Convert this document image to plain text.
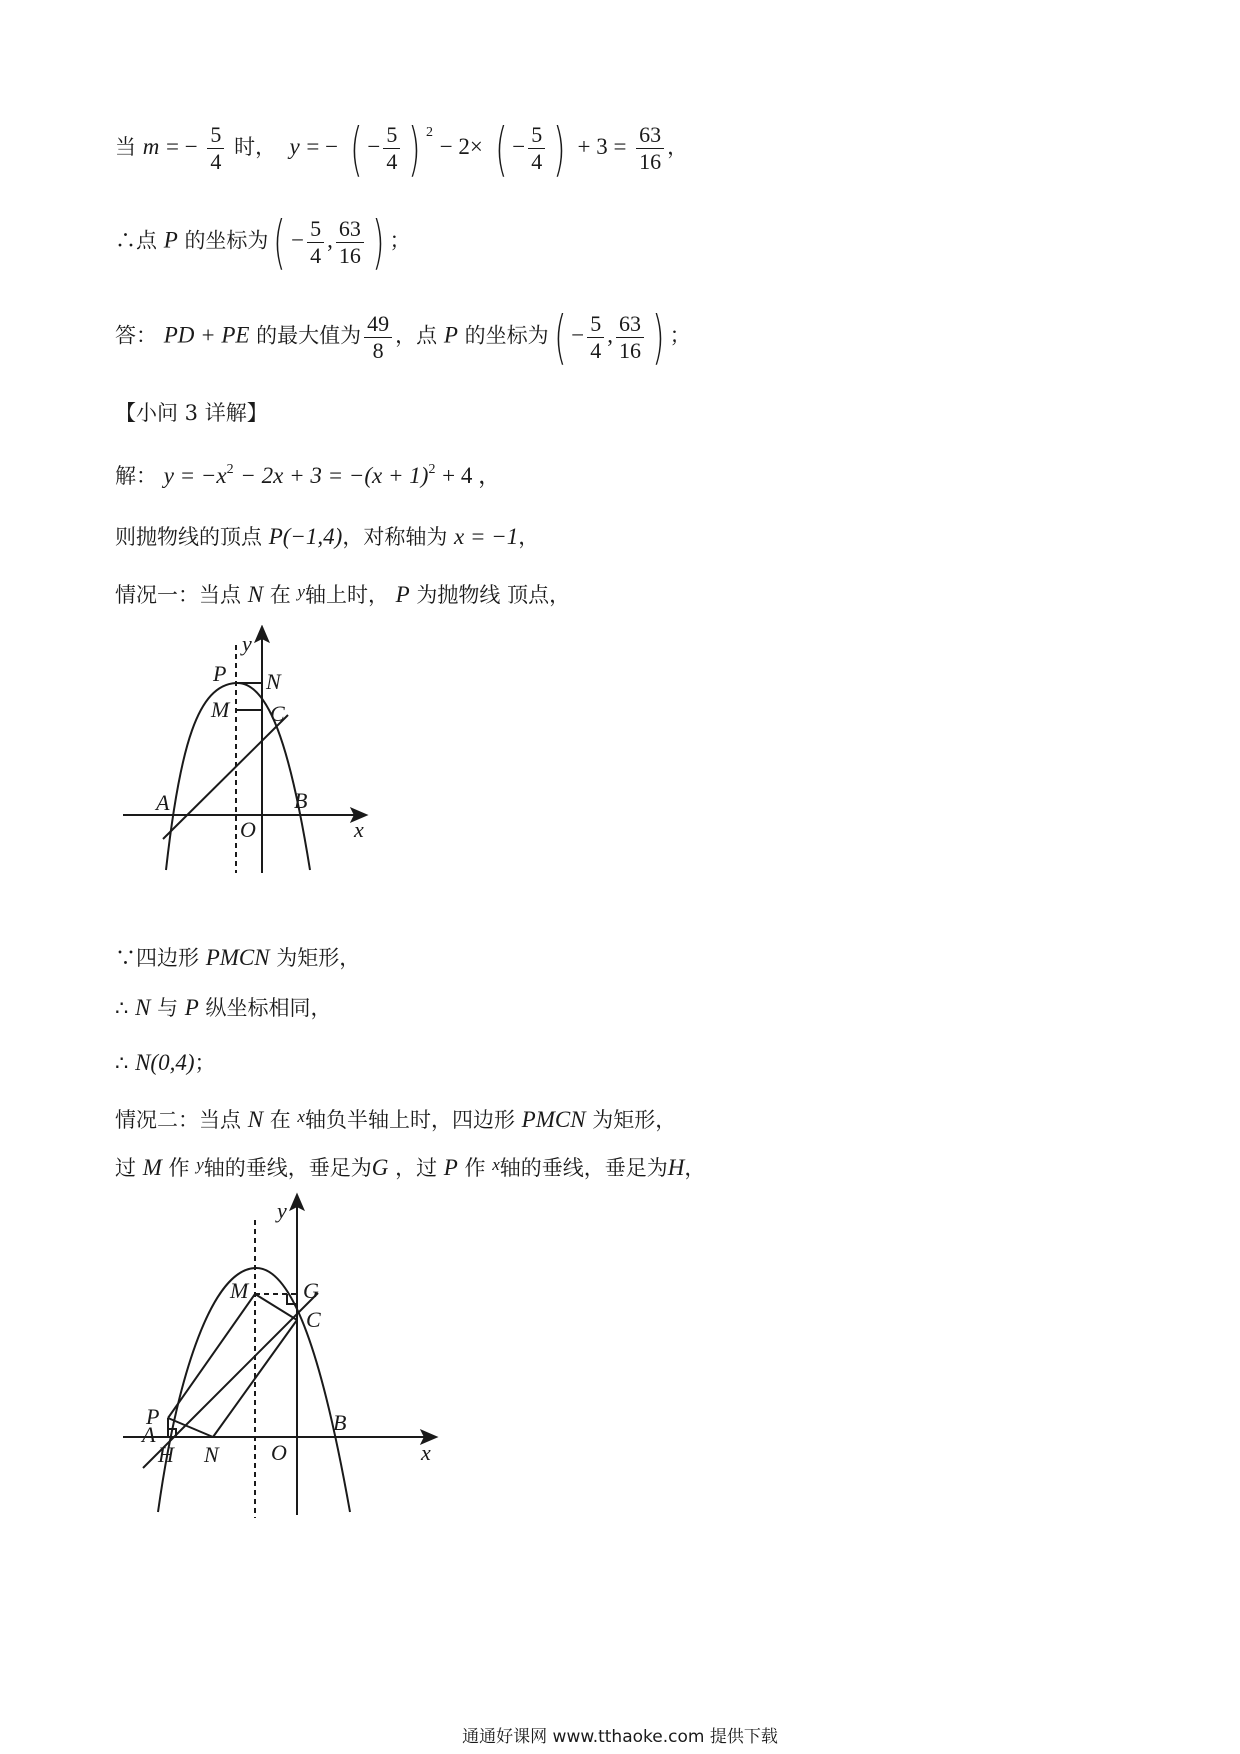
当 m = − $\frac{5}{4}$ 时， y = − ( − $\frac{5}{4}$ ) $^2$ − 2× ( − $\frac{5}{4}$ ) + $3 = \frac{63}{16}$ ，
∴点 P 的坐标为( − $\frac{5}{4}$ , $\frac{63}{16}$ ) ；
答： PD + PE 的最大值为 $\frac{49}{8}$ ，点 P 的坐标为( − $\frac{5}{4}$ , $\frac{63}{16}$ ) ；
【小问 3 详解】
解： $y = -x^2 - 2x + 3 = -(x + 1)^2 + 4$ ，
则抛物线的顶点 P(−1,4)，对称轴为 x = −1，
情况一：当点 N 在 $^y$轴上时， P 为抛物线 顶点，
y
P N
M C
A	B
O	x
∵四边形 PMCN 为矩形，
∴ N 与 P 纵坐标相同，
∴ N(0,4)；
情况二：当点 N 在 $^x$轴负半轴上时，四边形 PMCN 为矩形，
过 M 作 $^y$轴的垂线，垂足为G ，过 P 作 $^x$轴的垂线，垂足为H，
y
M G
C
P
A
H N O
B
x
通通好课网 www.tthaoke.com 提供下载
